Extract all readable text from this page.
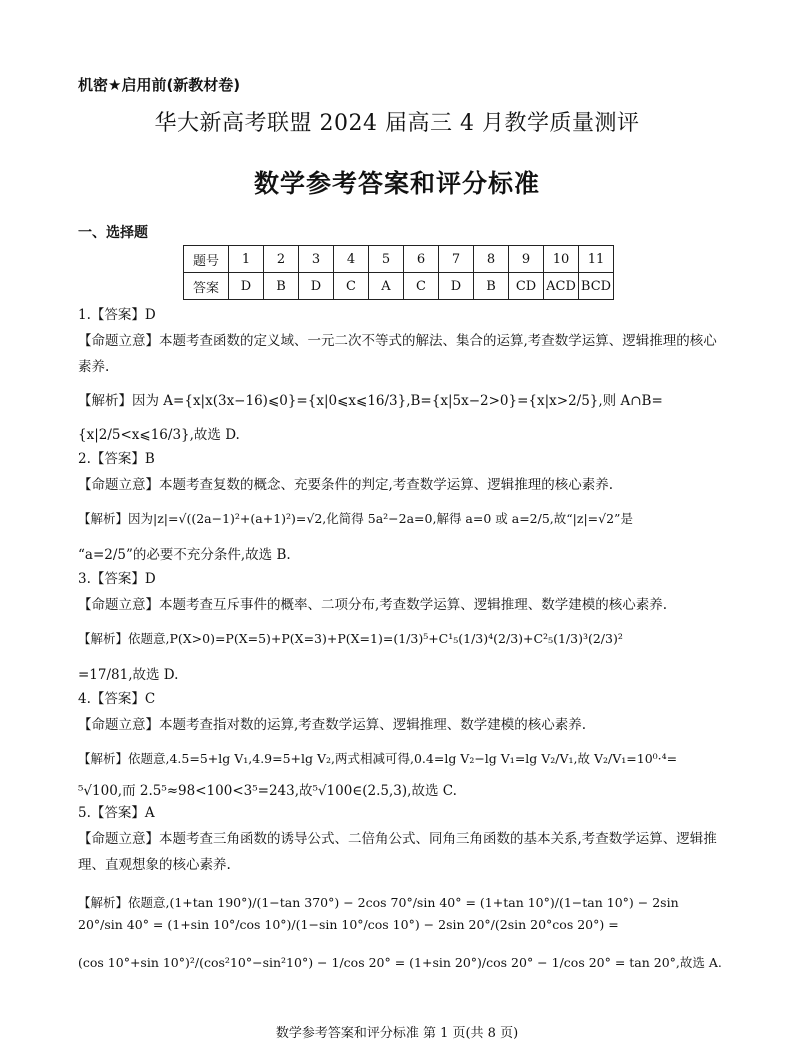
机密★启用前(新教材卷)
华大新高考联盟 2024 届高三 4 月教学质量测评
数学参考答案和评分标准
一、选择题
题号	1	2	3	4	5	6	7	8	9	10	11
答案	D	B	D	C	A	C	D	B	CD	ACD	BCD
1.【答案】D
【命题立意】本题考查函数的定义域、一元二次不等式的解法、集合的运算,考查数学运算、逻辑推理的核心素养.
【解析】因为 A={x|x(3x−16)⩽0}={x|0⩽x⩽16/3},B={x|5x−2>0}={x|x>2/5},则 A∩B=
{x|2/5<x⩽16/3},故选 D.
2.【答案】B
【命题立意】本题考查复数的概念、充要条件的判定,考查数学运算、逻辑推理的核心素养.
【解析】因为|z|=√((2a−1)²+(a+1)²)=√2,化简得 5a²−2a=0,解得 a=0 或 a=2/5,故“|z|=√2”是
“a=2/5”的必要不充分条件,故选 B.
3.【答案】D
【命题立意】本题考查互斥事件的概率、二项分布,考查数学运算、逻辑推理、数学建模的核心素养.
【解析】依题意,P(X>0)=P(X=5)+P(X=3)+P(X=1)=(1/3)⁵+C¹₅(1/3)⁴(2/3)+C²₅(1/3)³(2/3)²
=17/81,故选 D.
4.【答案】C
【命题立意】本题考查指对数的运算,考查数学运算、逻辑推理、数学建模的核心素养.
【解析】依题意,4.5=5+lg V₁,4.9=5+lg V₂,两式相减可得,0.4=lg V₂−lg V₁=lg V₂/V₁,故 V₂/V₁=10⁰·⁴=
⁵√100,而 2.5⁵≈98<100<3⁵=243,故⁵√100∈(2.5,3),故选 C.
5.【答案】A
【命题立意】本题考查三角函数的诱导公式、二倍角公式、同角三角函数的基本关系,考查数学运算、逻辑推理、直观想象的核心素养.
【解析】依题意,(1+tan 190°)/(1−tan 370°) − 2cos 70°/sin 40° = (1+tan 10°)/(1−tan 10°) − 2sin 20°/sin 40° = (1+sin 10°/cos 10°)/(1−sin 10°/cos 10°) − 2sin 20°/(2sin 20°cos 20°) =
(cos 10°+sin 10°)²/(cos²10°−sin²10°) − 1/cos 20° = (1+sin 20°)/cos 20° − 1/cos 20° = tan 20°,故选 A.
数学参考答案和评分标准 第 1 页(共 8 页)
